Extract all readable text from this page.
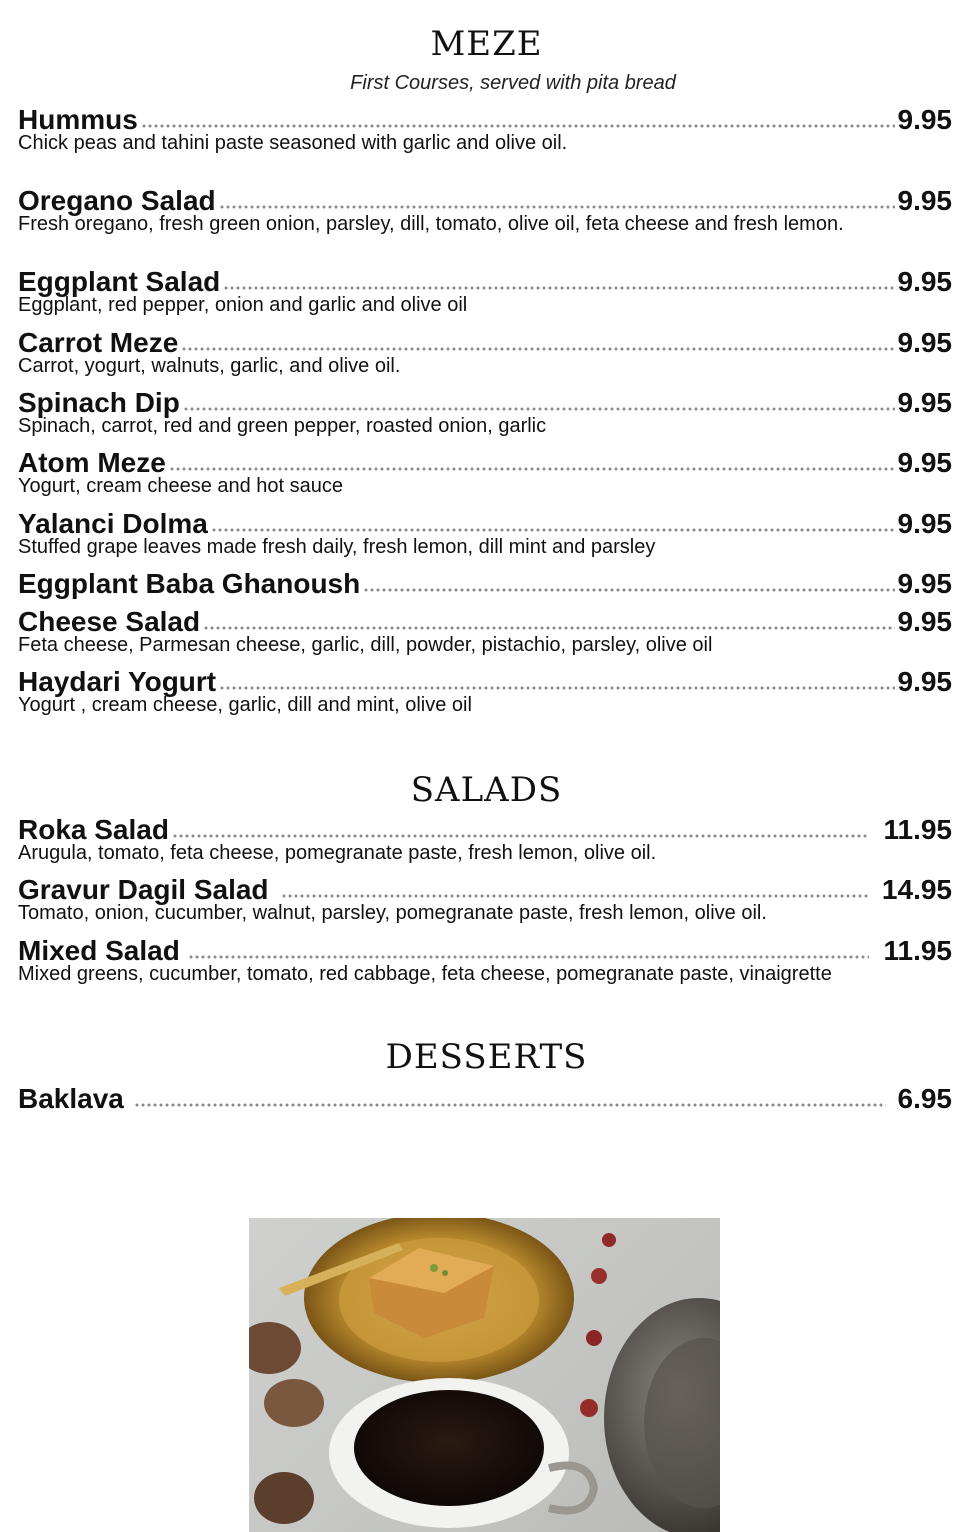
MEZE
First Courses, served with pita bread
Hummus	9.95
Chick peas and tahini paste seasoned with garlic and olive oil.
Oregano Salad	9.95
Fresh oregano, fresh green onion, parsley, dill, tomato, olive oil, feta cheese and fresh lemon.
Eggplant Salad	9.95
Eggplant, red pepper, onion and garlic and olive oil
Carrot Meze	9.95
Carrot, yogurt, walnuts, garlic, and olive oil.
Spinach Dip	9.95
Spinach, carrot, red and green pepper, roasted onion, garlic
Atom Meze	9.95
Yogurt, cream cheese and hot sauce
Yalanci Dolma	9.95
Stuffed grape leaves made fresh daily, fresh lemon, dill mint and parsley
Eggplant Baba Ghanoush	9.95
Cheese Salad	9.95
Feta cheese, Parmesan cheese, garlic, dill, powder, pistachio, parsley, olive oil
Haydari Yogurt	9.95
Yogurt , cream cheese, garlic, dill and mint, olive oil
SALADS
Roka Salad	11.95
Arugula, tomato, feta cheese, pomegranate paste, fresh lemon, olive oil.
Gravur Dagil Salad	14.95
Tomato, onion, cucumber, walnut, parsley, pomegranate paste, fresh lemon, olive oil.
Mixed Salad	11.95
Mixed greens, cucumber, tomato, red cabbage, feta cheese, pomegranate paste, vinaigrette
DESSERTS
Baklava	6.95
